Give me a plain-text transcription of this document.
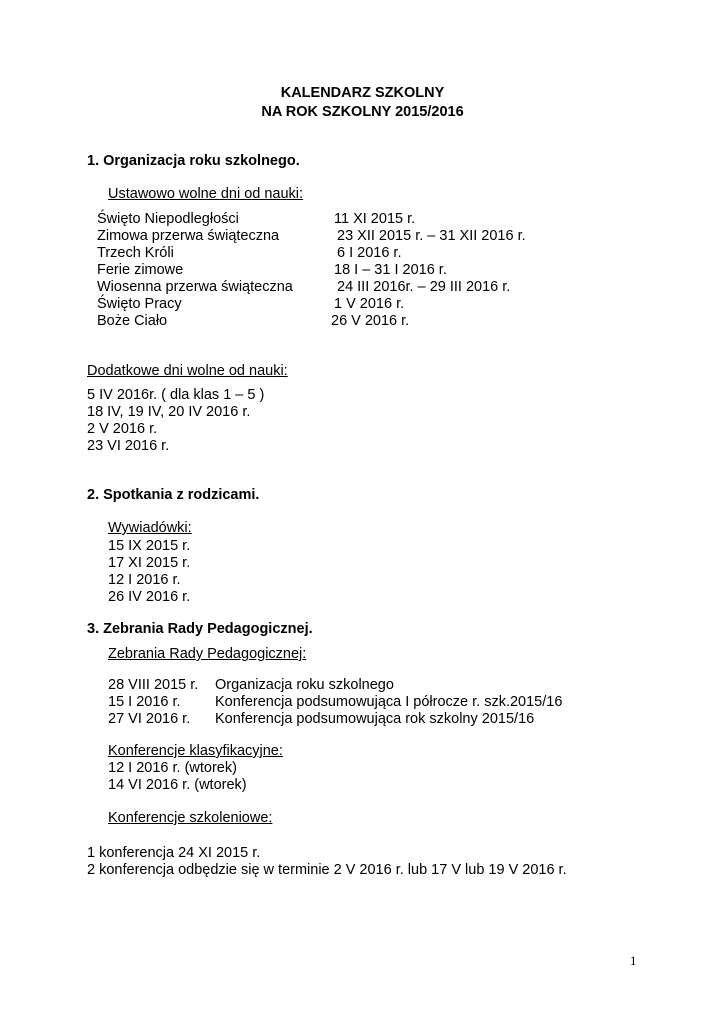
KALENDARZ SZKOLNY
NA ROK SZKOLNY 2015/2016
1. Organizacja roku szkolnego.
Ustawowo wolne dni od nauki:
Święto Niepodległości	11 XI 2015 r.
Zimowa przerwa świąteczna	23 XII 2015 r. – 31 XII 2016 r.
Trzech Króli	6 I 2016 r.
Ferie zimowe	18 I – 31 I 2016 r.
Wiosenna przerwa świąteczna	24 III 2016r. – 29 III 2016 r.
Święto Pracy	1 V 2016 r.
Boże Ciało	26 V 2016 r.
Dodatkowe dni wolne od nauki:
5 IV 2016r. ( dla klas 1 – 5 )
18 IV, 19 IV, 20 IV 2016 r.
2 V 2016 r.
23 VI 2016 r.
2. Spotkania z rodzicami.
Wywiadówki:
15 IX 2015 r.
17 XI 2015 r.
12 I 2016 r.
26 IV 2016 r.
3. Zebrania Rady Pedagogicznej.
Zebrania Rady Pedagogicznej:
28 VIII 2015 r. Organizacja roku szkolnego
15 I 2016 r. Konferencja podsumowująca I półrocze r. szk.2015/16
27 VI 2016 r. Konferencja podsumowująca rok szkolny 2015/16
Konferencje klasyfikacyjne:
12 I 2016 r. (wtorek)
14 VI 2016 r. (wtorek)
Konferencje szkoleniowe:
1 konferencja 24 XI 2015 r.
2 konferencja odbędzie się w terminie 2 V 2016 r. lub 17 V lub 19 V 2016 r.
1
